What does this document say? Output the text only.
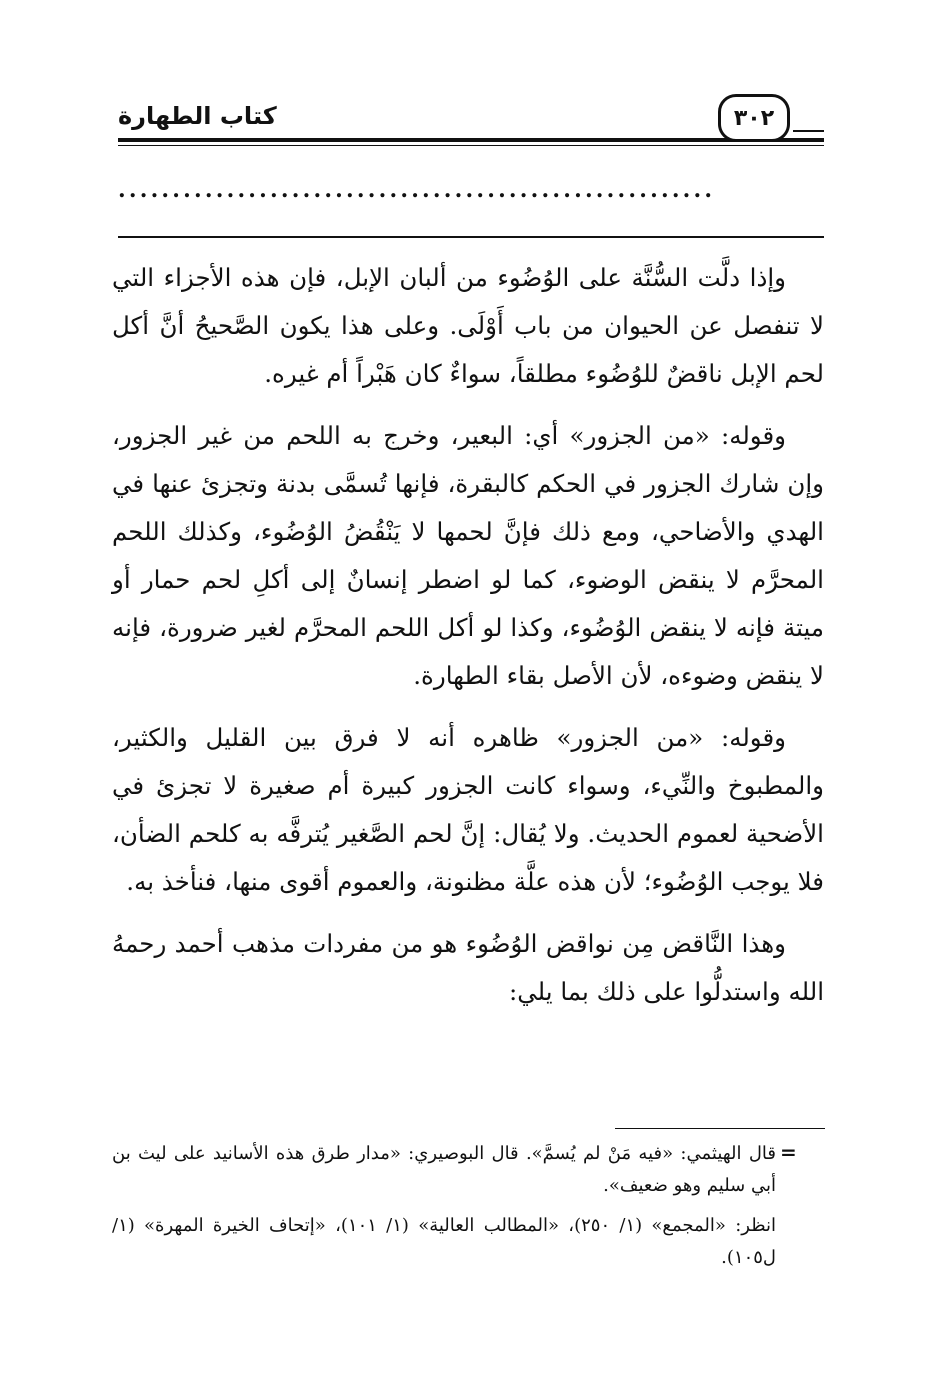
كتاب الطهارة	٣٠٢
.......................................................

وإذا دلَّت السُّنَّة على الوُضُوء من ألبان الإبل، فإن هذه الأجزاء التي لا تنفصل عن الحيوان من باب أَوْلَى. وعلى هذا يكون الصَّحيحُ أنَّ أكل لحم الإبل ناقضٌ للوُضُوء مطلقاً، سواءٌ كان هَبْراً أم غيره.

وقوله: «من الجزور» أي: البعير، وخرج به اللحم من غير الجزور، وإن شارك الجزور في الحكم كالبقرة، فإنها تُسمَّى بدنة وتجزئ عنها في الهدي والأضاحي، ومع ذلك فإنَّ لحمها لا يَنْقُضُ الوُضُوء، وكذلك اللحم المحرَّم لا ينقض الوضوء، كما لو اضطر إنسانٌ إلى أكلِ لحم حمار أو ميتة فإنه لا ينقض الوُضُوء، وكذا لو أكل اللحم المحرَّم لغير ضرورة، فإنه لا ينقض وضوءه، لأن الأصل بقاء الطهارة.

وقوله: «من الجزور» ظاهره أنه لا فرق بين القليل والكثير، والمطبوخ والنِّيء، وسواء كانت الجزور كبيرة أم صغيرة لا تجزئ في الأضحية لعموم الحديث. ولا يُقال: إنَّ لحم الصَّغير يُترفَّه به كلحم الضأن، فلا يوجب الوُضُوء؛ لأن هذه علَّة مظنونة، والعموم أقوى منها، فنأخذ به.

وهذا النَّاقض مِن نواقض الوُضُوء هو من مفردات مذهب أحمد رحمهُ الله واستدلُّوا على ذلك بما يلي:

=

قال الهيثمي: «فيه مَنْ لم يُسمَّ». قال البوصيري: «مدار طرق هذه الأسانيد على ليث بن أبي سليم وهو ضعيف».

انظر: «المجمع» (١/ ٢٥٠)، «المطالب العالية» (١/ ١٠١)، «إتحاف الخيرة المهرة» (١/ل١٠٥).
